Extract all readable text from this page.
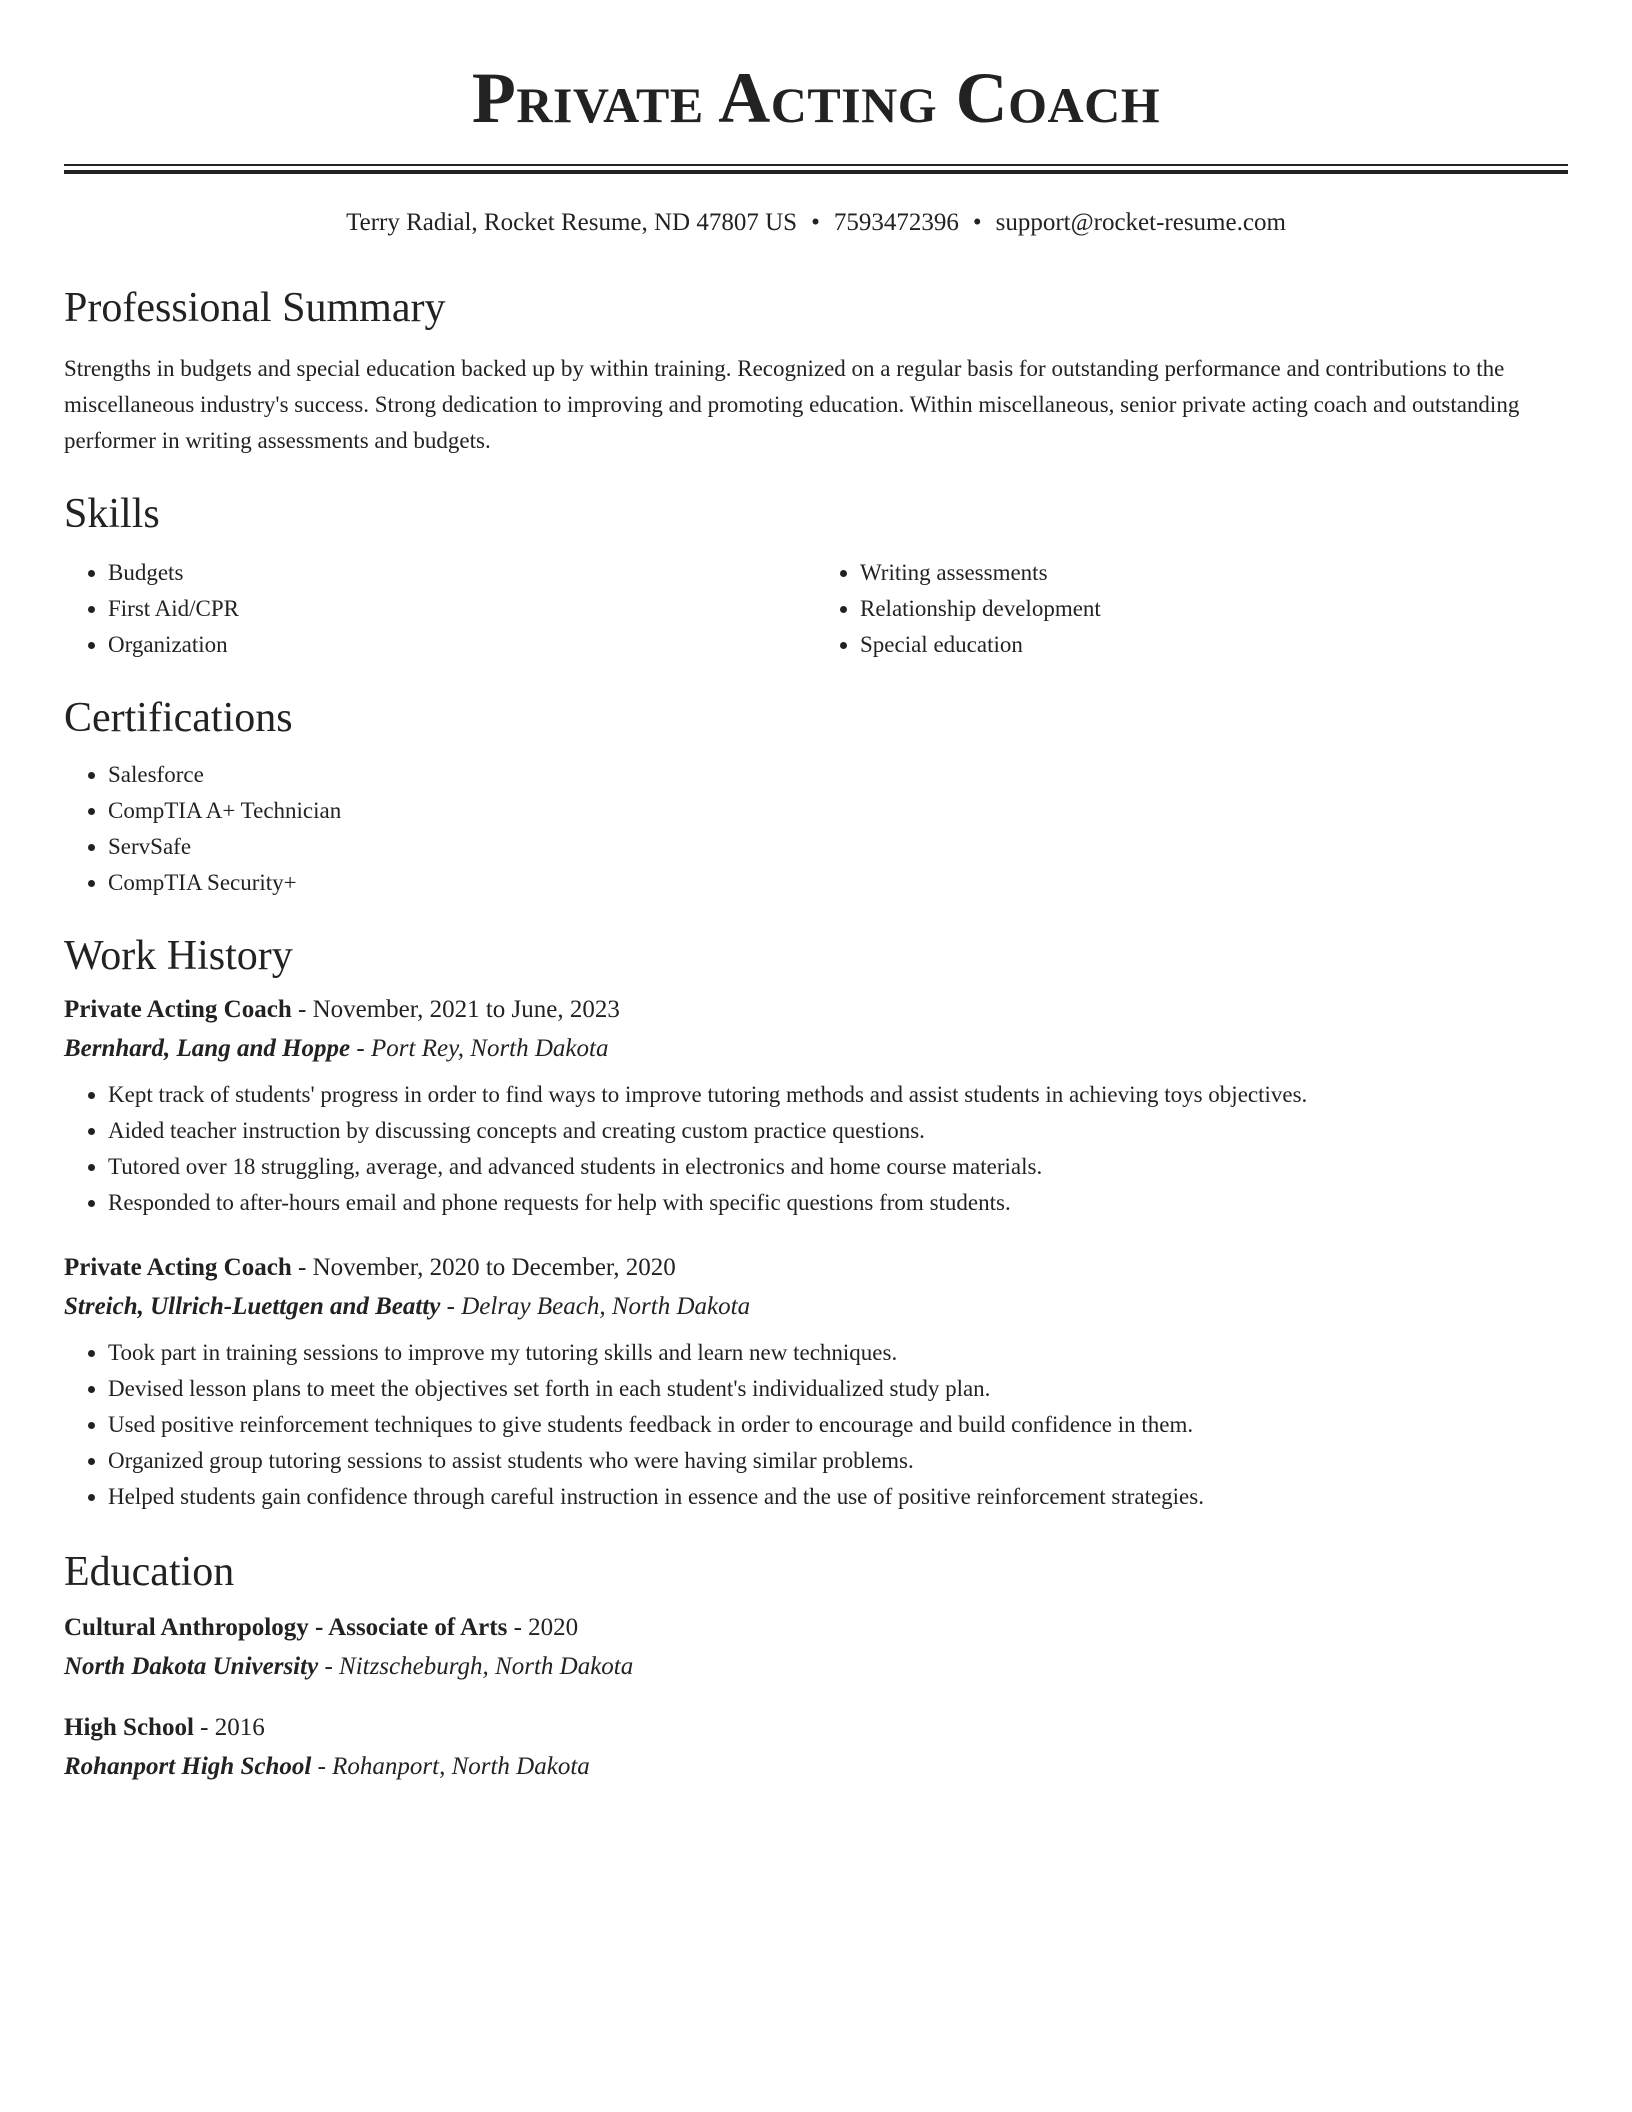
Private Acting Coach
Terry Radial, Rocket Resume, ND 47807 US • 7593472396 • support@rocket-resume.com
Professional Summary

Strengths in budgets and special education backed up by within training. Recognized on a regular basis for outstanding performance and contributions to the miscellaneous industry's success. Strong dedication to improving and promoting education. Within miscellaneous, senior private acting coach and outstanding performer in writing assessments and budgets.

Skills
• Budgets
• First Aid/CPR
• Organization
• Writing assessments
• Relationship development
• Special education
Certifications
• Salesforce
• CompTIA A+ Technician
• ServSafe
• CompTIA Security+
Work History
Private Acting Coach - November, 2021 to June, 2023
Bernhard, Lang and Hoppe - Port Rey, North Dakota
• Kept track of students' progress in order to find ways to improve tutoring methods and assist students in achieving toys objectives.
• Aided teacher instruction by discussing concepts and creating custom practice questions.
• Tutored over 18 struggling, average, and advanced students in electronics and home course materials.
• Responded to after-hours email and phone requests for help with specific questions from students.
Private Acting Coach - November, 2020 to December, 2020
Streich, Ullrich-Luettgen and Beatty - Delray Beach, North Dakota
• Took part in training sessions to improve my tutoring skills and learn new techniques.
• Devised lesson plans to meet the objectives set forth in each student's individualized study plan.
• Used positive reinforcement techniques to give students feedback in order to encourage and build confidence in them.
• Organized group tutoring sessions to assist students who were having similar problems.
• Helped students gain confidence through careful instruction in essence and the use of positive reinforcement strategies.
Education
Cultural Anthropology - Associate of Arts - 2020
North Dakota University - Nitzscheburgh, North Dakota
High School - 2016
Rohanport High School - Rohanport, North Dakota
